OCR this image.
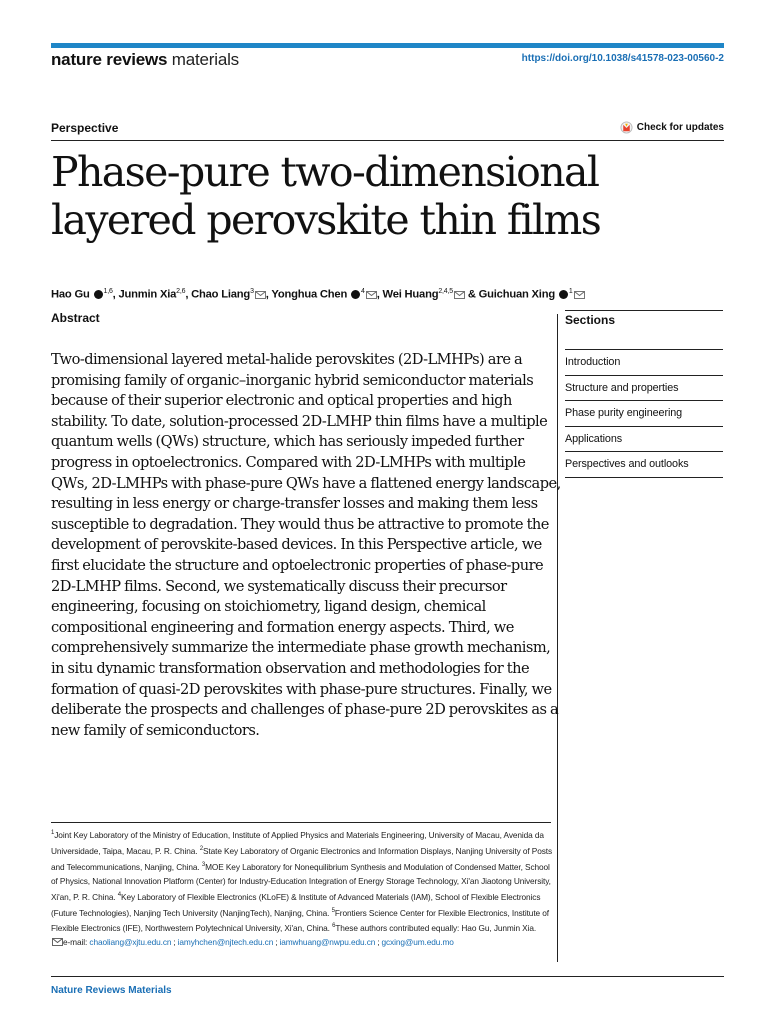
nature reviews materials	https://doi.org/10.1038/s41578-023-00560-2
Perspective	Check for updates
Phase-pure two-dimensional layered perovskite thin films
Hao Gu $^{1,6}$, Junmin Xia$^{2,6}$, Chao Liang$^3$ , Yonghua Chen $^4$ , Wei Huang$^{2,4,5}$ & Guichuan Xing $^1$
Abstract	Sections

Two-dimensional layered metal-halide perovskites (2D-LMHPs) are a promising family of organic–inorganic hybrid semiconductor materials because of their superior electronic and optical properties and high stability. To date, solution-processed 2D-LMHP thin films have a multiple quantum wells (QWs) structure, which has seriously impeded further progress in optoelectronics. Compared with 2D-LMHPs with multiple QWs, 2D-LMHPs with phase-pure QWs have a flattened energy landscape, resulting in less energy or charge-transfer losses and making them less susceptible to degradation. They would thus be attractive to promote the development of perovskite-based devices. In this Perspective article, we first elucidate the structure and optoelectronic properties of phase-pure 2D-LMHP films. Second, we systematically discuss their precursor engineering, focusing on stoichiometry, ligand design, chemical compositional engineering and formation energy aspects. Third, we comprehensively summarize the intermediate phase growth mechanism, in situ dynamic transformation observation and methodologies for the formation of quasi-2D perovskites with phase-pure structures. Finally, we deliberate the prospects and challenges of phase-pure 2D perovskites as a new family of semiconductors.

Introduction
Structure and properties
Phase purity engineering
Applications
Perspectives and outlooks
$^1$Joint Key Laboratory of the Ministry of Education, Institute of Applied Physics and Materials Engineering, University of Macau, Avenida da Universidade, Taipa, Macau, P. R. China. $^2$State Key Laboratory of Organic Electronics and Information Displays, Nanjing University of Posts and Telecommunications, Nanjing, China. $^3$MOE Key Laboratory for Nonequilibrium Synthesis and Modulation of Condensed Matter, School of Physics, National Innovation Platform (Center) for Industry-Education Integration of Energy Storage Technology, Xi'an Jiaotong University, Xi'an, P. R. China. $^4$Key Laboratory of Flexible Electronics (KLoFE) & Institute of Advanced Materials (IAM), School of Flexible Electronics (Future Technologies), Nanjing Tech University (NanjingTech), Nanjing, China. $^5$Frontiers Science Center for Flexible Electronics, Institute of Flexible Electronics (IFE), Northwestern Polytechnical University, Xi'an, China. $^6$These authors contributed equally: Hao Gu, Junmin Xia.
e-mail:
chaoliang@xjtu.edu.cn ; iamyhchen@njtech.edu.cn ; iamwhuang@nwpu.edu.cn ; gcxing@um.edu.mo
Nature Reviews Materials
